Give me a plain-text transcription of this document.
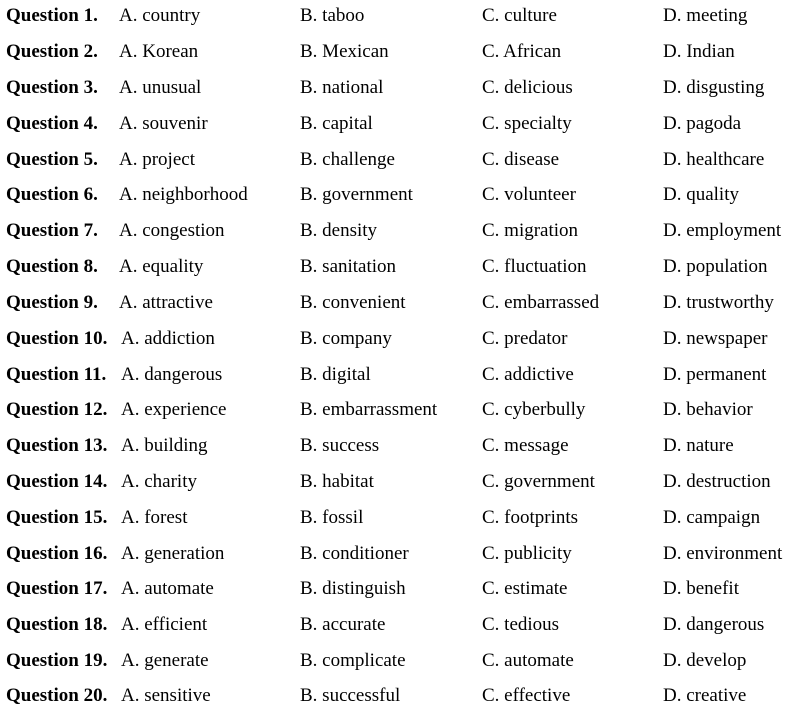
Question 1. A. country	B. taboo	C. culture	D. meeting
Question 2. A. Korean	B. Mexican	C. African	D. Indian
Question 3. A. unusual	B. national	C. delicious	D. disgusting
Question 4. A. souvenir	B. capital	C. specialty	D. pagoda
Question 5. A. project	B. challenge	C. disease	D. healthcare
Question 6. A. neighborhood	B. government	C. volunteer	D. quality
Question 7. A. congestion	B. density	C. migration	D. employment
Question 8. A. equality	B. sanitation	C. fluctuation	D. population
Question 9. A. attractive	B. convenient	C. embarrassed	D. trustworthy
Question 10. A. addiction	B. company	C. predator	D. newspaper
Question 11. A. dangerous	B. digital	C. addictive	D. permanent
Question 12. A. experience	B. embarrassment C. cyberbully	D. behavior
Question 13. A. building	B. success	C. message	D. nature
Question 14. A. charity	B. habitat	C. government	D. destruction
Question 15. A. forest	B. fossil	C. footprints	D. campaign
Question 16. A. generation	B. conditioner	C. publicity	D. environment
Question 17. A. automate	B. distinguish	C. estimate	D. benefit
Question 18. A. efficient	B. accurate	C. tedious	D. dangerous
Question 19. A. generate	B. complicate	C. automate	D. develop
Question 20. A. sensitive	B. successful	C. effective	D. creative
